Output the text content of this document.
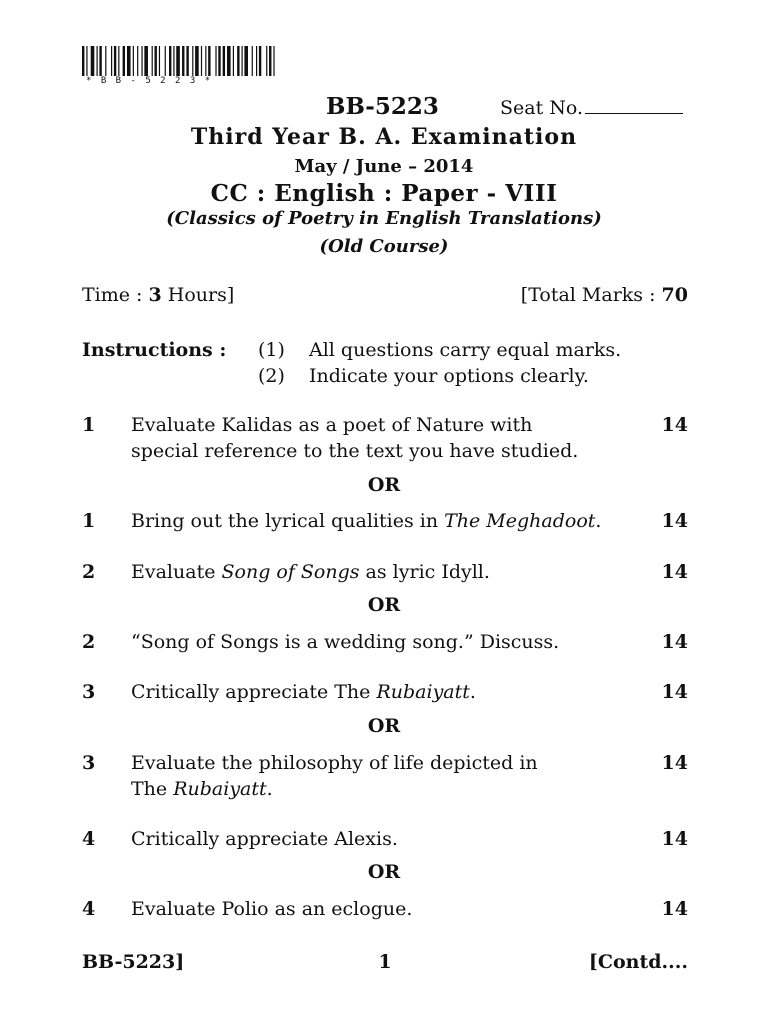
* B B - 5 2 2 3 *
BB-5223	Seat No.
Third Year B. A. Examination
May / June – 2014
CC : English : Paper - VIII
(Classics of Poetry in English Translations)
(Old Course)
Time : 3 Hours]	[Total Marks : 70
Instructions : (1) All questions carry equal marks.
(2) Indicate your options clearly.
1 Evaluate Kalidas as a poet of Nature with
special reference to the text you have studied.
14
OR
1 Bring out the lyrical qualities in The Meghadoot.	14
2 Evaluate Song of Songs as lyric Idyll.	14
OR
2 “Song of Songs is a wedding song.” Discuss.	14
3 Critically appreciate The Rubaiyatt.	14
OR
3 Evaluate the philosophy of life depicted in
The Rubaiyatt.
14
4 Critically appreciate Alexis.	14
OR
4 Evaluate Polio as an eclogue.	14
BB-5223]	1	[Contd....
